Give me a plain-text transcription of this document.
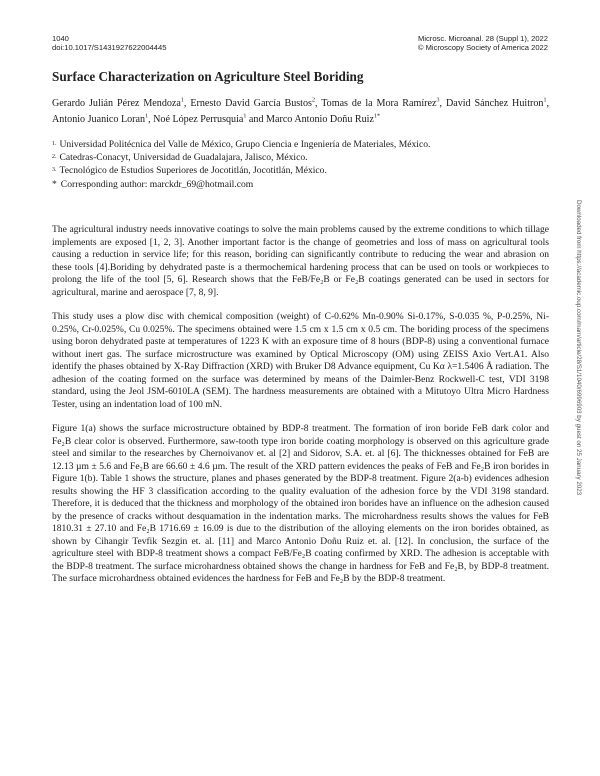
1040
doi:10.1017/S1431927622004445
Microsc. Microanal. 28 (Suppl 1), 2022
© Microscopy Society of America 2022
Surface Characterization on Agriculture Steel Boriding
Gerardo Julián Pérez Mendoza$^1$, Ernesto David García Bustos$^2$, Tomas de la Mora Ramírez$^3$, David Sánchez Huitron$^1$, Antonio Juanico Loran$^1$, Noé López Perrusquia$^1$ and Marco Antonio Doñu Ruiz$^{1*}$
1. Universidad Politécnica del Valle de México, Grupo Ciencia e Ingeniería de Materiales, México.
2. Catedras-Conacyt, Universidad de Guadalajara, Jalisco, México.
3. Tecnológico de Estudios Superiores de Jocotitlán, Jocotitlán, México.
* Corresponding author: marckdr_69@hotmail.com

The agricultural industry needs innovative coatings to solve the main problems caused by the extreme conditions to which tillage implements are exposed [1, 2, 3]. Another important factor is the change of geometries and loss of mass on agricultural tools causing a reduction in service life; for this reason, boriding can significantly contribute to reducing the wear and abrasion on these tools [4].Boriding by dehydrated paste is a thermochemical hardening process that can be used on tools or workpieces to prolong the life of the tool [5, 6]. Research shows that the FeB/Fe₂B or Fe₂B coatings generated can be used in sectors for agricultural, marine and aerospace [7, 8, 9].

This study uses a plow disc with chemical composition (weight) of C-0.62% Mn-0.90% Si-0.17%, S-0.035 %, P-0.25%, Ni-0.25%, Cr-0.025%, Cu 0.025%. The specimens obtained were 1.5 cm x 1.5 cm x 0.5 cm. The boriding process of the specimens using boron dehydrated paste at temperatures of 1223 K with an exposure time of 8 hours (BDP-8) using a conventional furnace without inert gas. The surface microstructure was examined by Optical Microscopy (OM) using ZEISS Axio Vert.A1. Also identify the phases obtained by X-Ray Diffraction (XRD) with Bruker D8 Advance equipment, Cu Kα λ=1.5406 Å radiation. The adhesion of the coating formed on the surface was determined by means of the Daimler-Benz Rockwell-C test, VDI 3198 standard, using the Jeol JSM-6010LA (SEM). The hardness measurements are obtained with a Mitutoyo Ultra Micro Hardness Tester, using an indentation load of 100 mN.

Figure 1(a) shows the surface microstructure obtained by BDP-8 treatment. The formation of iron boride FeB dark color and Fe₂B clear color is observed. Furthermore, saw-tooth type iron boride coating morphology is observed on this agriculture grade steel and similar to the researches by Chernoivanov et. al [2] and Sidorov, S.A. et. al [6]. The thicknesses obtained for FeB are 12.13 µm ± 5.6 and Fe₂B are 66.60 ± 4.6 µm. The result of the XRD pattern evidences the peaks of FeB and Fe₂B iron borides in Figure 1(b). Table 1 shows the structure, planes and phases generated by the BDP-8 treatment. Figure 2(a-b) evidences adhesion results showing the HF 3 classification according to the quality evaluation of the adhesion force by the VDI 3198 standard. Therefore, it is deduced that the thickness and morphology of the obtained iron borides have an influence on the adhesion caused by the presence of cracks without desquamation in the indentation marks. The microhardness results shows the values for FeB 1810.31 ± 27.10 and Fe₂B 1716.69 ± 16.09 is due to the distribution of the alloying elements on the iron borides obtained, as shown by Cihangir Tevfik Sezgin et. al. [11] and Marco Antonio Doñu Ruiz et. al. [12]. In conclusion, the surface of the agriculture steel with BDP-8 treatment shows a compact FeB/Fe₂B coating confirmed by XRD. The adhesion is acceptable with the BDP-8 treatment. The surface microhardness obtained shows the change in hardness for FeB and Fe₂B, by BDP-8 treatment. The surface microhardness obtained evidences the hardness for FeB and Fe₂B by the BDP-8 treatment.

Downloaded from https://academic.oup.com/mam/article/28/S1/1040/6996903 by guest on 25 January 2023
